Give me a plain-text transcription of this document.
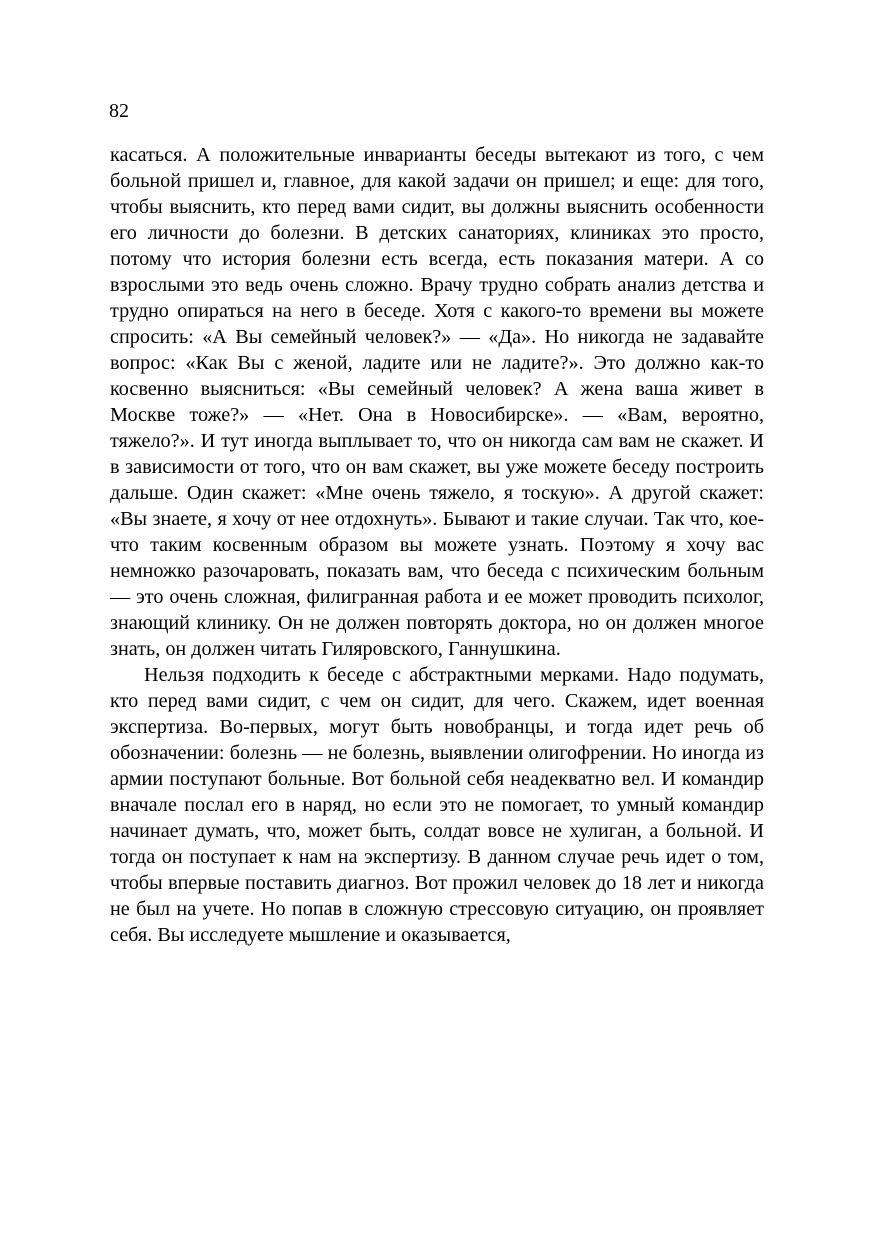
82

касаться. А положительные инварианты беседы вытекают из того, с чем больной пришел и, главное, для какой задачи он пришел; и еще: для того, чтобы выяснить, кто перед вами сидит, вы должны выяснить особенности его личности до болезни. В детских санаториях, клиниках это просто, потому что история болезни есть всегда, есть показания матери. А со взрослыми это ведь очень сложно. Врачу трудно собрать анализ детства и трудно опираться на него в беседе. Хотя с какого-то времени вы можете спросить: «А Вы семейный человек?» — «Да». Но никогда не задавайте вопрос: «Как Вы с женой, ладите или не ладите?». Это должно как-то косвенно выясниться: «Вы семейный человек? А жена ваша живет в Москве тоже?» — «Нет. Она в Новосибирске». — «Вам, вероятно, тяжело?». И тут иногда выплывает то, что он никогда сам вам не скажет. И в зависимости от того, что он вам скажет, вы уже можете беседу построить дальше. Один скажет: «Мне очень тяжело, я тоскую». А другой скажет: «Вы знаете, я хочу от нее отдохнуть». Бывают и такие случаи. Так что, кое-что таким косвенным образом вы можете узнать. Поэтому я хочу вас немножко разочаровать, показать вам, что беседа с психическим больным — это очень сложная, филигранная работа и ее может проводить психолог, знающий клинику. Он не должен повторять доктора, но он должен многое знать, он должен читать Гиляровского, Ганнушкина.

Нельзя подходить к беседе с абстрактными мерками. Надо подумать, кто перед вами сидит, с чем он сидит, для чего. Скажем, идет военная экспертиза. Во-первых, могут быть новобранцы, и тогда идет речь об обозначении: болезнь — не болезнь, выявлении олигофрении. Но иногда из армии поступают больные. Вот больной себя неадекватно вел. И командир вначале послал его в наряд, но если это не помогает, то умный командир начинает думать, что, может быть, солдат вовсе не хулиган, а больной. И тогда он поступает к нам на экспертизу. В данном случае речь идет о том, чтобы впервые поставить диагноз. Вот прожил человек до 18 лет и никогда не был на учете. Но попав в сложную стрессовую ситуацию, он проявляет себя. Вы исследуете мышление и оказывается,
